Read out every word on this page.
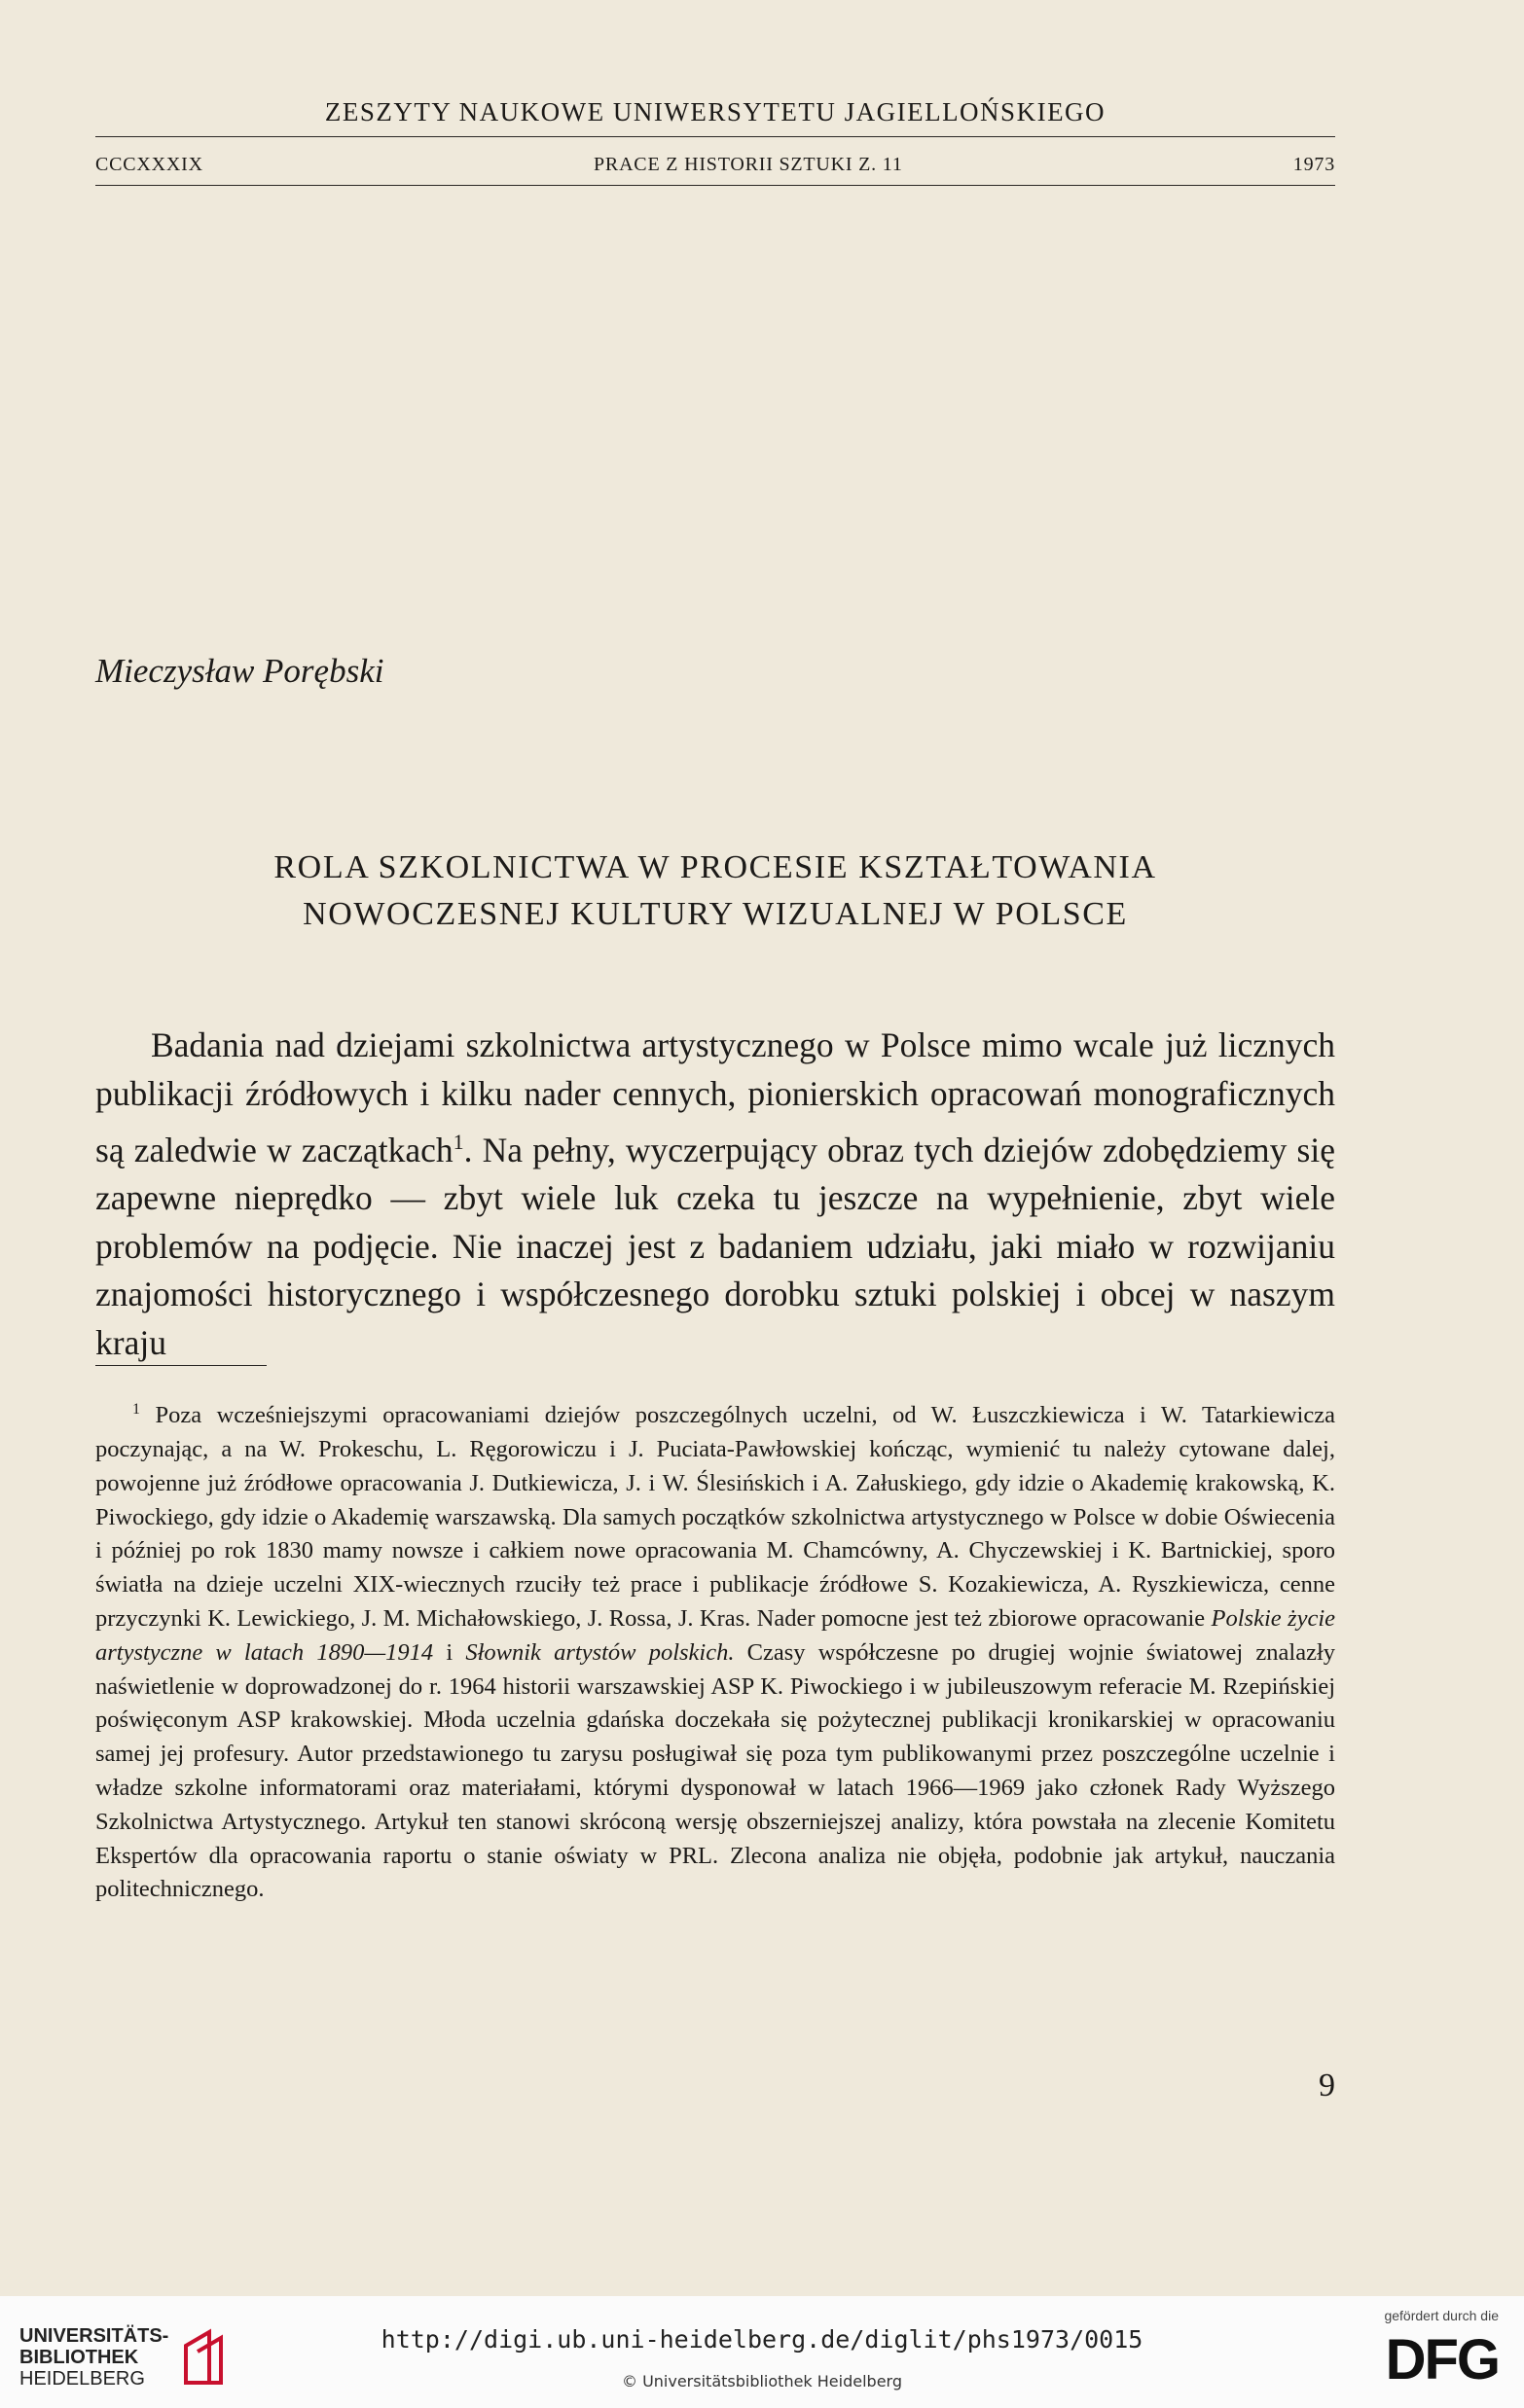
ZESZYTY NAUKOWE UNIWERSYTETU JAGIELLOŃSKIEGO
CCCXXXIX	PRACE Z HISTORII SZTUKI Z. 11	1973
Mieczysław Porębski
ROLA SZKOLNICTWA W PROCESIE KSZTAŁTOWANIA
NOWOCZESNEJ KULTURY WIZUALNEJ W POLSCE

Badania nad dziejami szkolnictwa artystycznego w Polsce mimo wcale już licznych publikacji źródłowych i kilku nader cennych, pionierskich opracowań monograficznych są zaledwie w zaczątkach$^1$. Na pełny, wyczerpujący obraz tych dziejów zdobędziemy się zapewne nieprędko — zbyt wiele luk czeka tu jeszcze na wypełnienie, zbyt wiele problemów na podjęcie. Nie inaczej jest z badaniem udziału, jaki miało w rozwijaniu znajomości historycznego i współczesnego dorobku sztuki polskiej i obcej w naszym kraju

$^1$ Poza wcześniejszymi opracowaniami dziejów poszczególnych uczelni, od W. Łuszczkiewicza i W. Tatarkiewicza poczynając, a na W. Prokeschu, L. Ręgorowiczu i J. Puciata-Pawłowskiej kończąc, wymienić tu należy cytowane dalej, powojenne już źródłowe opracowania J. Dutkiewicza, J. i W. Ślesińskich i A. Załuskiego, gdy idzie o Akademię krakowską, K. Piwockiego, gdy idzie o Akademię warszawską. Dla samych początków szkolnictwa artystycznego w Polsce w dobie Oświecenia i później po rok 1830 mamy nowsze i całkiem nowe opracowania M. Chamcówny, A. Chyczewskiej i K. Bartnickiej, sporo światła na dzieje uczelni XIX-wiecznych rzuciły też prace i publikacje źródłowe S. Kozakiewicza, A. Ryszkiewicza, cenne przyczynki K. Lewickiego, J. M. Michałowskiego, J. Rossa, J. Kras. Nader pomocne jest też zbiorowe opracowanie Polskie życie artystyczne w latach 1890—1914 i Słownik artystów polskich. Czasy współczesne po drugiej wojnie światowej znalazły naświetlenie w doprowadzonej do r. 1964 historii warszawskiej ASP K. Piwockiego i w jubileuszowym referacie M. Rzepińskiej poświęconym ASP krakowskiej. Młoda uczelnia gdańska doczekała się pożytecznej publikacji kronikarskiej w opracowaniu samej jej profesury. Autor przedstawionego tu zarysu posługiwał się poza tym publikowanymi przez poszczególne uczelnie i władze szkolne informatorami oraz materiałami, którymi dysponował w latach 1966—1969 jako członek Rady Wyższego Szkolnictwa Artystycznego. Artykuł ten stanowi skróconą wersję obszerniejszej analizy, która powstała na zlecenie Komitetu Ekspertów dla opracowania raportu o stanie oświaty w PRL. Zlecona analiza nie objęła, podobnie jak artykuł, nauczania politechnicznego.

9
UNIVERSITÄTS-
BIBLIOTHEK
HEIDELBERG
http://digi.ub.uni-heidelberg.de/diglit/phs1973/0015
© Universitätsbibliothek Heidelberg
gefördert durch die
DFG
